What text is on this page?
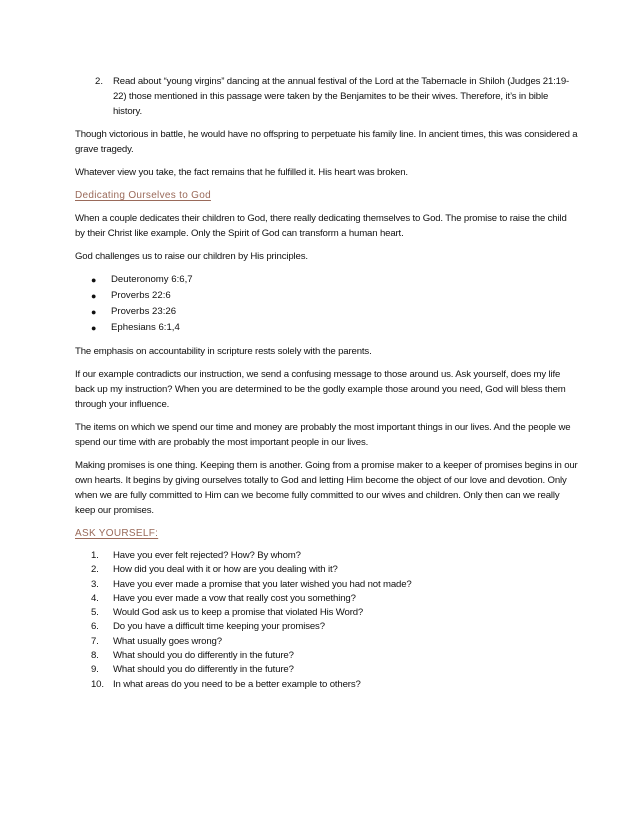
2.	Read about “young virgins” dancing at the annual festival of the Lord at the Tabernacle in Shiloh (Judges 21:19-22) those mentioned in this passage were taken by the Benjamites to be their wives. Therefore, it’s in bible history.

Though victorious in battle, he would have no offspring to perpetuate his family line. In ancient times, this was considered a grave tragedy.

Whatever view you take, the fact remains that he fulfilled it. His heart was broken.

Dedicating Ourselves to God

When a couple dedicates their children to God, there really dedicating themselves to God. The promise to raise the child by their Christ like example. Only the Spirit of God can transform a human heart.

God challenges us to raise our children by His principles.

●	Deuteronomy 6:6,7
●	Proverbs 22:6
●	Proverbs 23:26
●	Ephesians 6:1,4

The emphasis on accountability in scripture rests solely with the parents.

If our example contradicts our instruction, we send a confusing message to those around us. Ask yourself, does my life back up my instruction? When you are determined to be the godly example those around you need, God will bless them through your influence.

The items on which we spend our time and money are probably the most important things in our lives. And the people we spend our time with are probably the most important people in our lives.

Making promises is one thing. Keeping them is another. Going from a promise maker to a keeper of promises begins in our own hearts. It begins by giving ourselves totally to God and letting Him become the object of our love and devotion. Only when we are fully committed to Him can we become fully committed to our wives and children. Only then can we really keep our promises.

ASK YOURSELF:

1.	Have you ever felt rejected? How? By whom?
2.	How did you deal with it or how are you dealing with it?
3.	Have you ever made a promise that you later wished you had not made?
4.	Have you ever made a vow that really cost you something?
5.	Would God ask us to keep a promise that violated His Word?
6.	Do you have a difficult time keeping your promises?
7.	What usually goes wrong?
8.	What should you do differently in the future?
9.	What should you do differently in the future?
10. In what areas do you need to be a better example to others?
